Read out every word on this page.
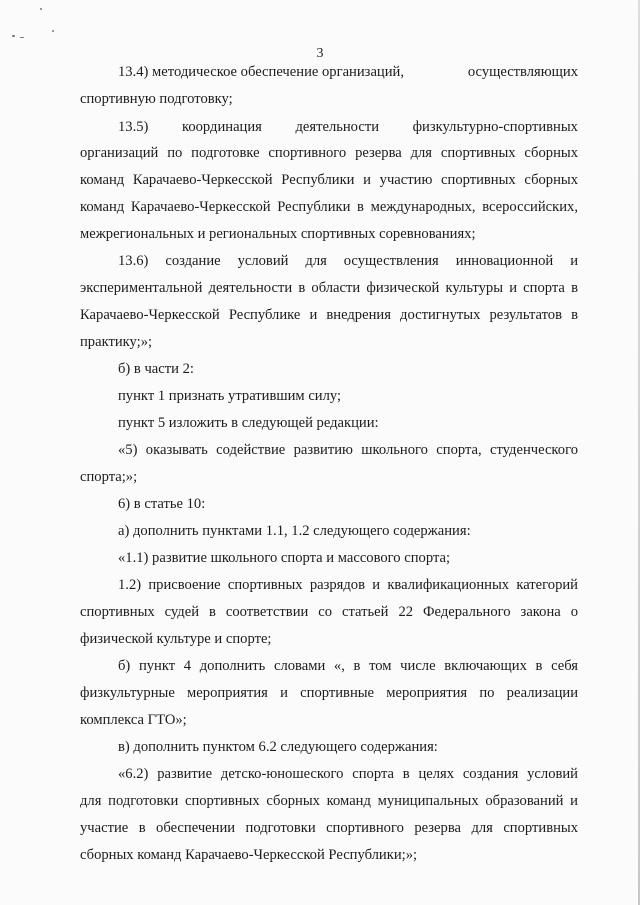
3
13.4) методическое обеспечение организаций,	осуществляющих
спортивную подготовку;
13.5) координация деятельности физкультурно-спортивных
организаций по подготовке спортивного резерва для спортивных сборных
команд Карачаево-Черкесской Республики и участию спортивных сборных
команд Карачаево-Черкесской Республики в международных, всероссийских,
межрегиональных и региональных спортивных соревнованиях;
13.6) создание условий для осуществления инновационной и
экспериментальной деятельности в области физической культуры и спорта в
Карачаево-Черкесской Республике и внедрения достигнутых результатов в
практику;»;
б) в части 2:
пункт 1 признать утратившим силу;
пункт 5 изложить в следующей редакции:
«5) оказывать содействие развитию школьного спорта, студенческого
спорта;»;
6) в статье 10:
а) дополнить пунктами 1.1, 1.2 следующего содержания:
«1.1) развитие школьного спорта и массового спорта;
1.2) присвоение спортивных разрядов и квалификационных категорий
спортивных судей в соответствии со статьей 22 Федерального закона о
физической культуре и спорте;
б) пункт 4 дополнить словами «, в том числе включающих в себя
физкультурные мероприятия и спортивные мероприятия по реализации
комплекса ГТО»;
в) дополнить пунктом 6.2 следующего содержания:
«6.2) развитие детско-юношеского спорта в целях создания условий
для подготовки спортивных сборных команд муниципальных образований и
участие в обеспечении подготовки спортивного резерва для спортивных
сборных команд Карачаево-Черкесской Республики;»;
